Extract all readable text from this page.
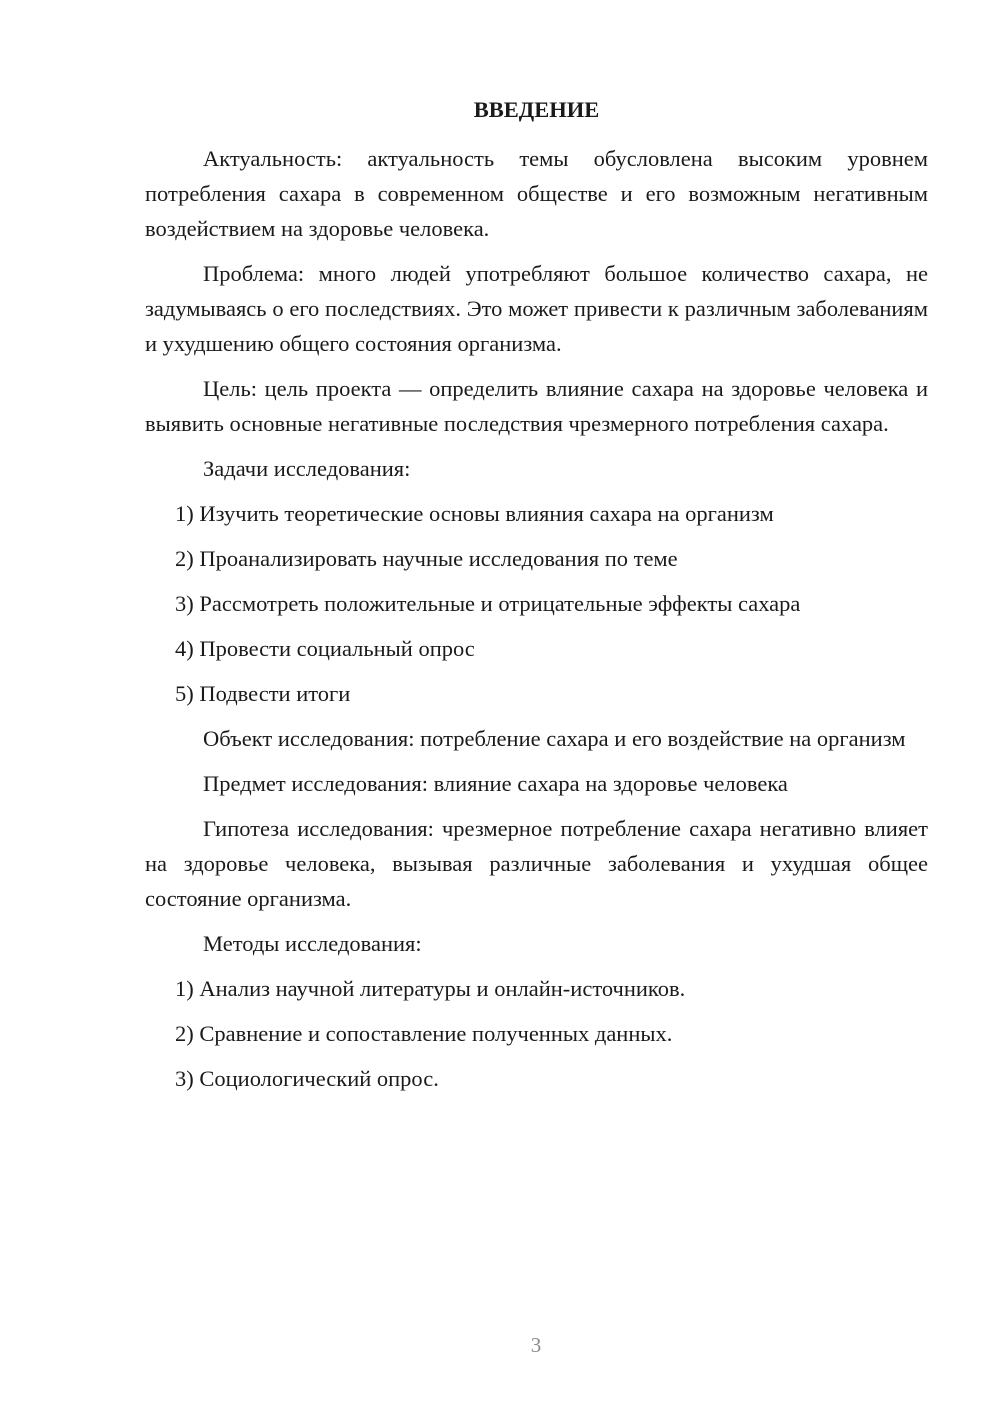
ВВЕДЕНИЕ
Актуальность: актуальность темы обусловлена высоким уровнем потребления сахара в современном обществе и его возможным негативным воздействием на здоровье человека.
Проблема: много людей употребляют большое количество сахара, не задумываясь о его последствиях. Это может привести к различным заболеваниям и ухудшению общего состояния организма.
Цель: цель проекта — определить влияние сахара на здоровье человека и выявить основные негативные последствия чрезмерного потребления сахара.
Задачи исследования:
1) Изучить теоретические основы влияния сахара на организм
2) Проанализировать научные исследования по теме
3) Рассмотреть положительные и отрицательные эффекты сахара
4) Провести социальный опрос
5) Подвести итоги
Объект исследования: потребление сахара и его воздействие на организм
Предмет исследования: влияние сахара на здоровье человека
Гипотеза исследования: чрезмерное потребление сахара негативно влияет на здоровье человека, вызывая различные заболевания и ухудшая общее состояние организма.
Методы исследования:
1) Анализ научной литературы и онлайн-источников.
2) Сравнение и сопоставление полученных данных.
3) Социологический опрос.
3
